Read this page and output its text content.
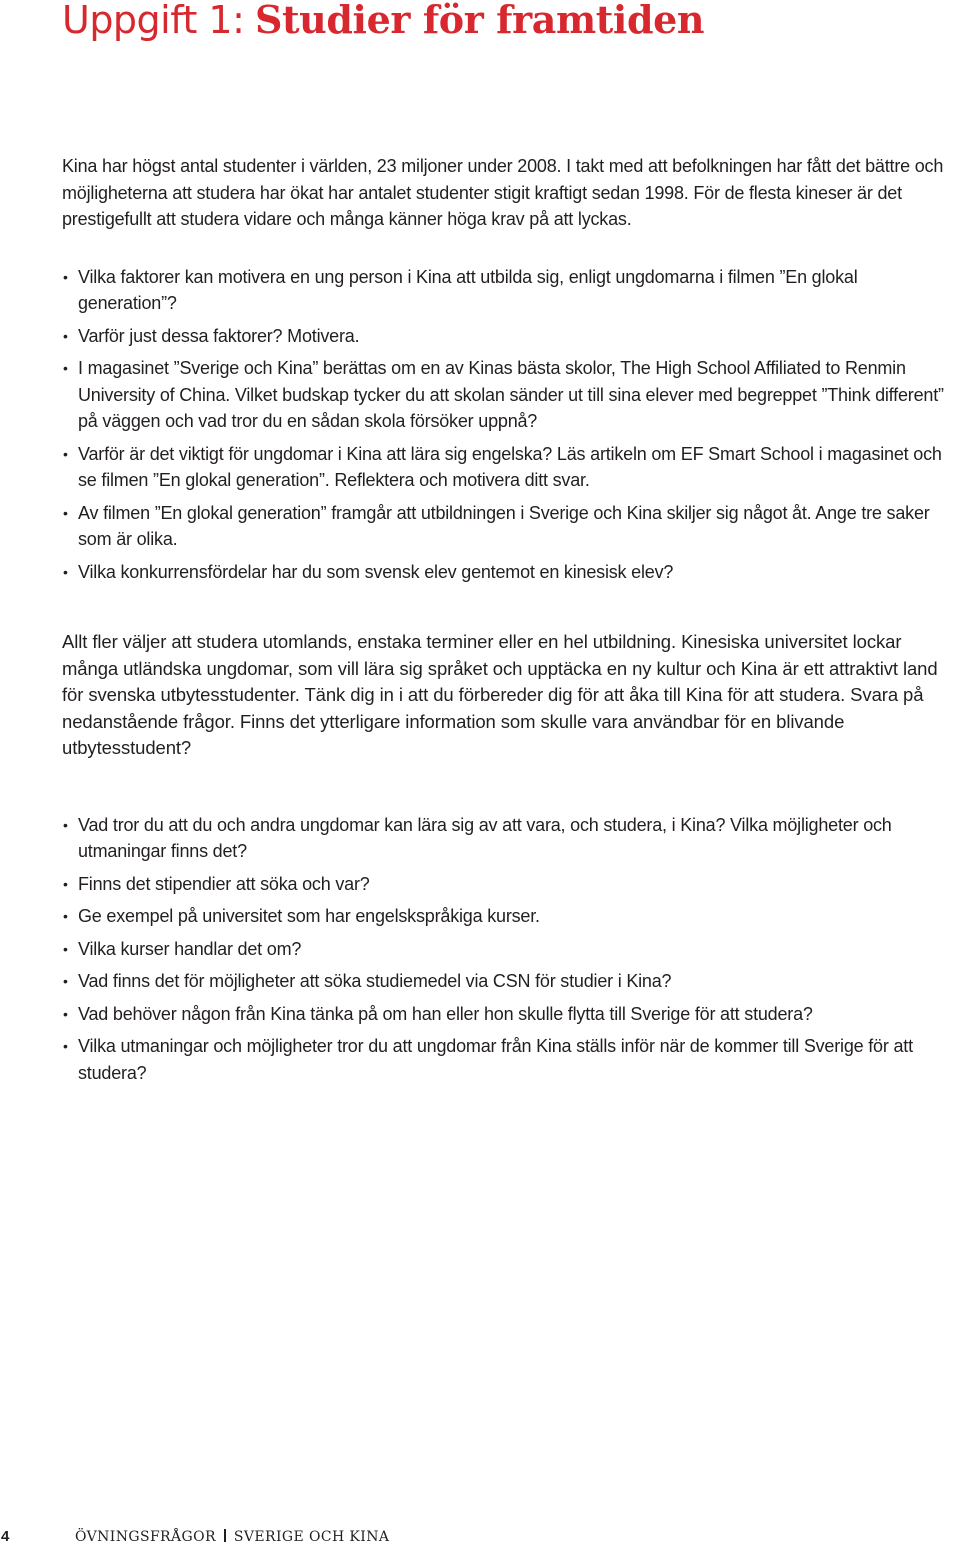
Uppgift 1: Studier för framtiden

Kina har högst antal studenter i världen, 23 miljoner under 2008. I takt med att befolkningen har fått det bättre och möjligheterna att studera har ökat har antalet studenter stigit kraftigt sedan 1998. För de flesta kineser är det prestigefullt att studera vidare och många känner höga krav på att lyckas.

• Vilka faktorer kan motivera en ung person i Kina att utbilda sig, enligt ungdomarna i filmen ”En glokal generation”?
• Varför just dessa faktorer? Motivera.
• I magasinet ”Sverige och Kina” berättas om en av Kinas bästa skolor, The High School Affiliated to Renmin University of China. Vilket budskap tycker du att skolan sänder ut till sina elever med begreppet ”Think different” på väggen och vad tror du en sådan skola försöker uppnå?
• Varför är det viktigt för ungdomar i Kina att lära sig engelska? Läs artikeln om EF Smart School i magasinet och se filmen ”En glokal generation”. Reflektera och motivera ditt svar.
• Av filmen ”En glokal generation” framgår att utbildningen i Sverige och Kina skiljer sig något åt. Ange tre saker som är olika.
• Vilka konkurrensfördelar har du som svensk elev gentemot en kinesisk elev?

Allt fler väljer att studera utomlands, enstaka terminer eller en hel utbildning. Kinesiska universitet lockar många utländska ungdomar, som vill lära sig språket och upptäcka en ny kultur och Kina är ett attraktivt land för svenska utbytesstudenter. Tänk dig in i att du förbereder dig för att åka till Kina för att studera. Svara på nedanstående frågor. Finns det ytterligare information som skulle vara användbar för en blivande utbytesstudent?

• Vad tror du att du och andra ungdomar kan lära sig av att vara, och studera, i Kina? Vilka möjligheter och utmaningar finns det?
• Finns det stipendier att söka och var?
• Ge exempel på universitet som har engelskspråkiga kurser.
• Vilka kurser handlar det om?
• Vad finns det för möjligheter att söka studiemedel via CSN för studier i Kina?
• Vad behöver någon från Kina tänka på om han eller hon skulle flytta till Sverige för att studera?
• Vilka utmaningar och möjligheter tror du att ungdomar från Kina ställs inför när de kommer till Sverige för att studera?
4	ÖVNINGSFRÅGOR SVERIGE OCH KINA
